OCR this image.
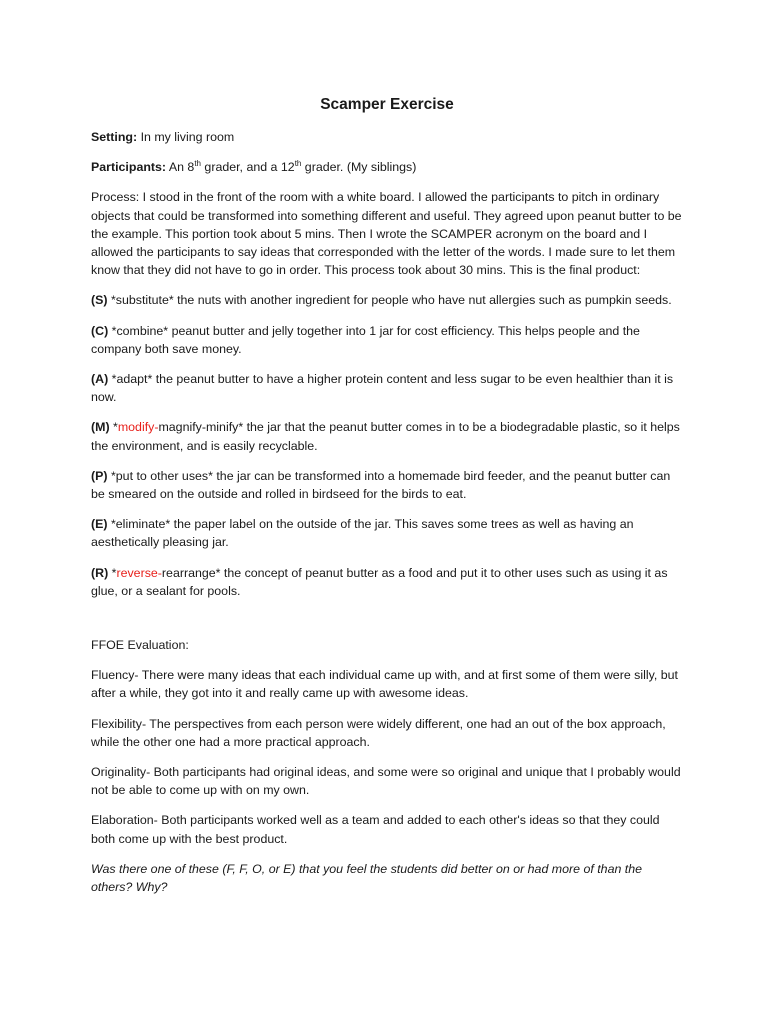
Scamper Exercise

Setting: In my living room

Participants: An 8th grader, and a 12th grader. (My siblings)

Process: I stood in the front of the room with a white board. I allowed the participants to pitch in ordinary objects that could be transformed into something different and useful. They agreed upon peanut butter to be the example. This portion took about 5 mins. Then I wrote the SCAMPER acronym on the board and I allowed the participants to say ideas that corresponded with the letter of the words. I made sure to let them know that they did not have to go in order. This process took about 30 mins. This is the final product:

(S) *substitute* the nuts with another ingredient for people who have nut allergies such as pumpkin seeds.

(C) *combine* peanut butter and jelly together into 1 jar for cost efficiency. This helps people and the company both save money.

(A) *adapt* the peanut butter to have a higher protein content and less sugar to be even healthier than it is now.

(M) *modify-magnify-minify* the jar that the peanut butter comes in to be a biodegradable plastic, so it helps the environment, and is easily recyclable.

(P) *put to other uses* the jar can be transformed into a homemade bird feeder, and the peanut butter can be smeared on the outside and rolled in birdseed for the birds to eat.

(E) *eliminate* the paper label on the outside of the jar. This saves some trees as well as having an aesthetically pleasing jar.

(R) *reverse-rearrange* the concept of peanut butter as a food and put it to other uses such as using it as glue, or a sealant for pools.

FFOE Evaluation:

Fluency- There were many ideas that each individual came up with, and at first some of them were silly, but after a while, they got into it and really came up with awesome ideas.

Flexibility- The perspectives from each person were widely different, one had an out of the box approach, while the other one had a more practical approach.

Originality- Both participants had original ideas, and some were so original and unique that I probably would not be able to come up with on my own.

Elaboration- Both participants worked well as a team and added to each other's ideas so that they could both come up with the best product.

Was there one of these (F, F, O, or E) that you feel the students did better on or had more of than the others? Why?
